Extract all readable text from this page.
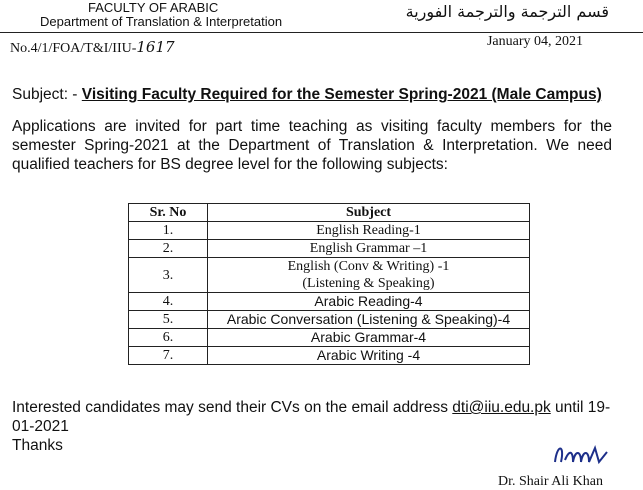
FACULTY OF ARABIC
Department of Translation & Interpretation
قسم الترجمة والترجمة الفورية
No.4/1/FOA/T&I/IIU-1617	January 04, 2021
Subject: - Visiting Faculty Required for the Semester Spring-2021 (Male Campus)
Applications are invited for part time teaching as visiting faculty members for the semester Spring-2021 at the Department of Translation & Interpretation. We need qualified teachers for BS degree level for the following subjects:
Sr. No	Subject
1.	English Reading-1

2.	English Grammar –1

3.	English (Conv & Writing) -1
(Listening & Speaking)

4.	Arabic Reading-4

5.	Arabic Conversation (Listening & Speaking)-4

6.	Arabic Grammar-4

7.	Arabic Writing -4
Interested candidates may send their CVs on the email address dti@iiu.edu.pk until 19-01-2021
Thanks
Dr. Shair Ali Khan
